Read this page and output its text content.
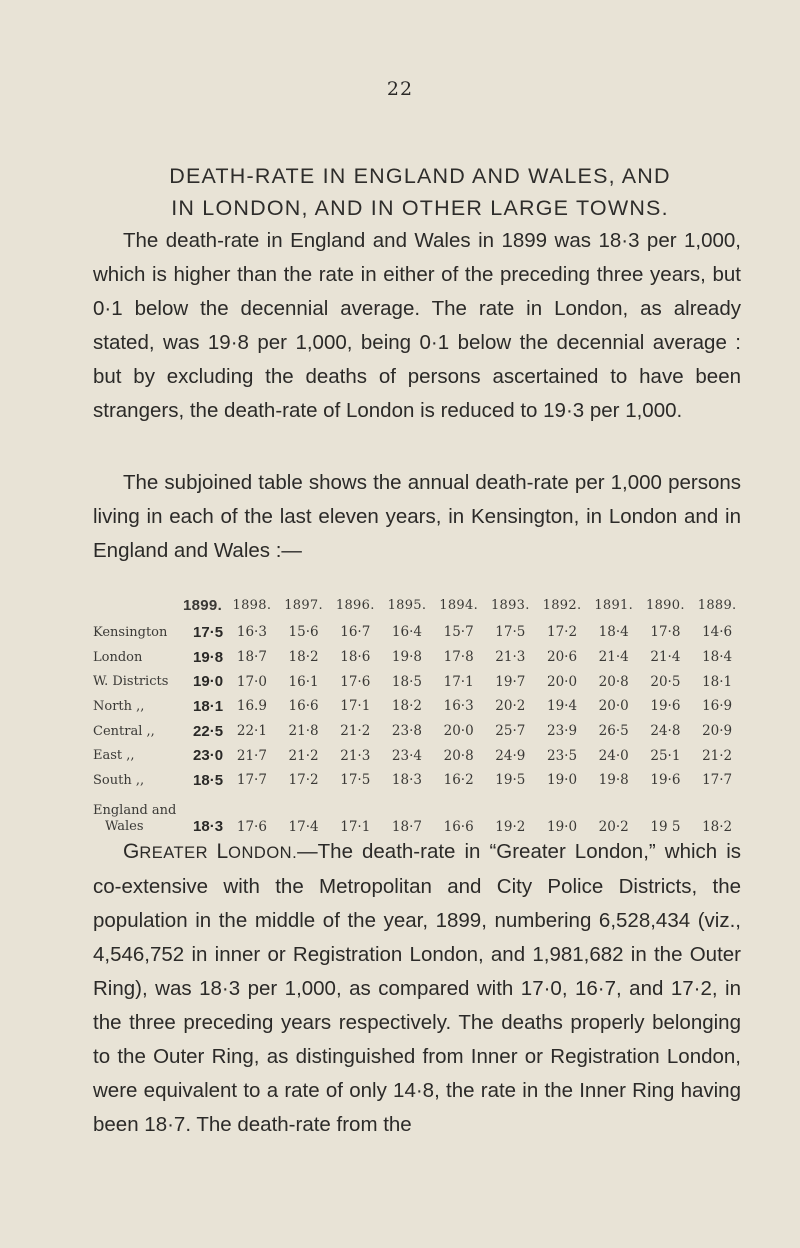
22
DEATH-RATE IN ENGLAND AND WALES, AND
IN LONDON, AND IN OTHER LARGE TOWNS.

The death-rate in England and Wales in 1899 was 18·3 per 1,000, which is higher than the rate in either of the preceding three years, but 0·1 below the decennial average. The rate in London, as already stated, was 19·8 per 1,000, being 0·1 below the decennial average : but by excluding the deaths of persons ascertained to have been strangers, the death-rate of London is reduced to 19·3 per 1,000.

The subjoined table shows the annual death-rate per 1,000 persons living in each of the last eleven years, in Kensington, in London and in England and Wales :—

	1899.	1898.	1897.	1896.	1895.	1894.	1893.	1892.	1891.	1890.	1889.
Kensington	17·5	16·3	15·6	16·7	16·4	15·7	17·5	17·2	18·4	17·8	14·6
London	19·8	18·7	18·2	18·6	19·8	17·8	21·3	20·6	21·4	21·4	18·4
W. Districts	19·0	17·0	16·1	17·6	18·5	17·1	19·7	20·0	20·8	20·5	18·1
North ,,	18·1	16.9	16·6	17·1	18·2	16·3	20·2	19·4	20·0	19·6	16·9
Central ,,	22·5	22·1	21·8	21·2	23·8	20·0	25·7	23·9	26·5	24·8	20·9
East ,,	23·0	21·7	21·2	21·3	23·4	20·8	24·9	23·5	24·0	25·1	21·2
South ,,	18·5	17·7	17·2	17·5	18·3	16·2	19·5	19·0	19·8	19·6	17·7

England and
Wales	18·3	17·6	17·4	17·1	18·7	16·6	19·2	19·0	20·2	19 5	18·2

GREATER LONDON.—The death-rate in “Greater London,” which is co-extensive with the Metropolitan and City Police Districts, the population in the middle of the year, 1899, numbering 6,528,434 (viz., 4,546,752 in inner or Registration London, and 1,981,682 in the Outer Ring), was 18·3 per 1,000, as compared with 17·0, 16·7, and 17·2, in the three preceding years respectively. The deaths properly belonging to the Outer Ring, as distinguished from Inner or Registration London, were equivalent to a rate of only 14·8, the rate in the Inner Ring having been 18·7. The death-rate from the
